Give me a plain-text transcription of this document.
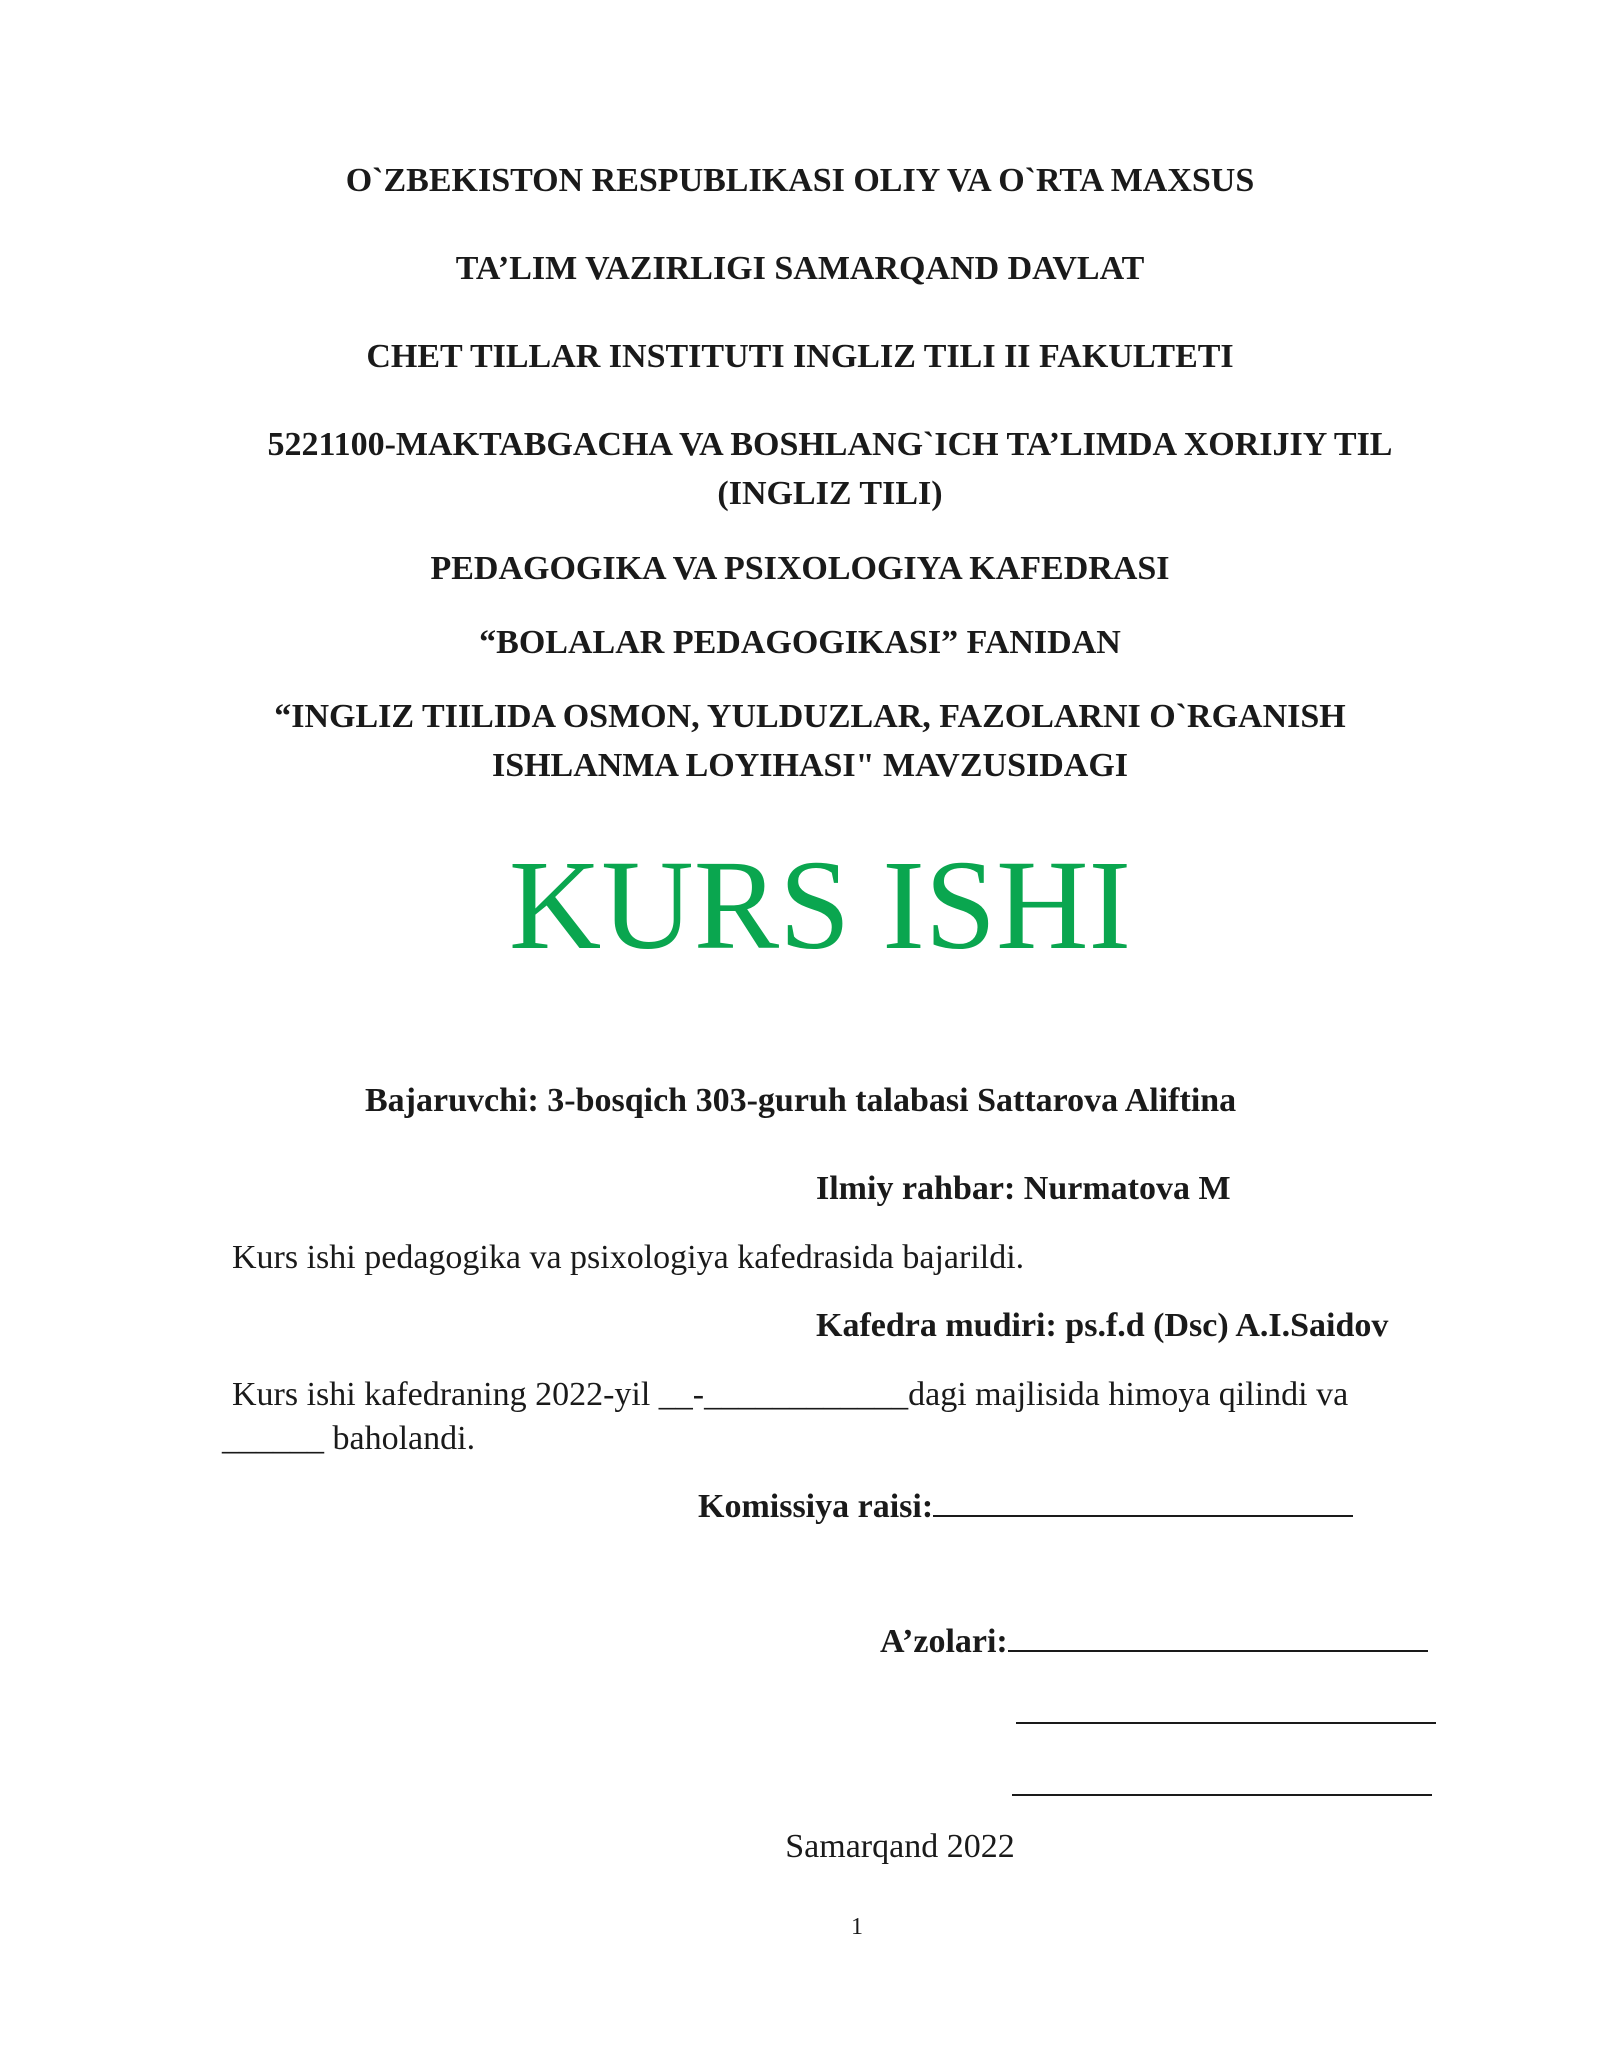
O`ZBEKISTON RESPUBLIKASI OLIY VA O`RTA MAXSUS
TA’LIM VAZIRLIGI SAMARQAND DAVLAT
CHET TILLAR INSTITUTI INGLIZ TILI II FAKULTETI
5221100-MAKTABGACHA VA BOSHLANG`ICH TA’LIMDA XORIJIY TIL
(INGLIZ TILI)
PEDAGOGIKA VA PSIXOLOGIYA KAFEDRASI
“BOLALAR PEDAGOGIKASI” FANIDAN
“INGLIZ TIILIDA OSMON, YULDUZLAR, FAZOLARNI O`RGANISH
ISHLANMA LOYIHASI" MAVZUSIDAGI
KURS ISHI
Bajaruvchi: 3-bosqich 303-guruh talabasi Sattarova Aliftina
Ilmiy rahbar: Nurmatova M
Kurs ishi pedagogika va psixologiya kafedrasida bajarildi.
Kafedra mudiri: ps.f.d (Dsc) A.I.Saidov
Kurs ishi kafedraning 2022-yil __-____________dagi majlisida himoya qilindi va
______ baholandi.
Komissiya raisi:
A’zolari:
Samarqand 2022
1
